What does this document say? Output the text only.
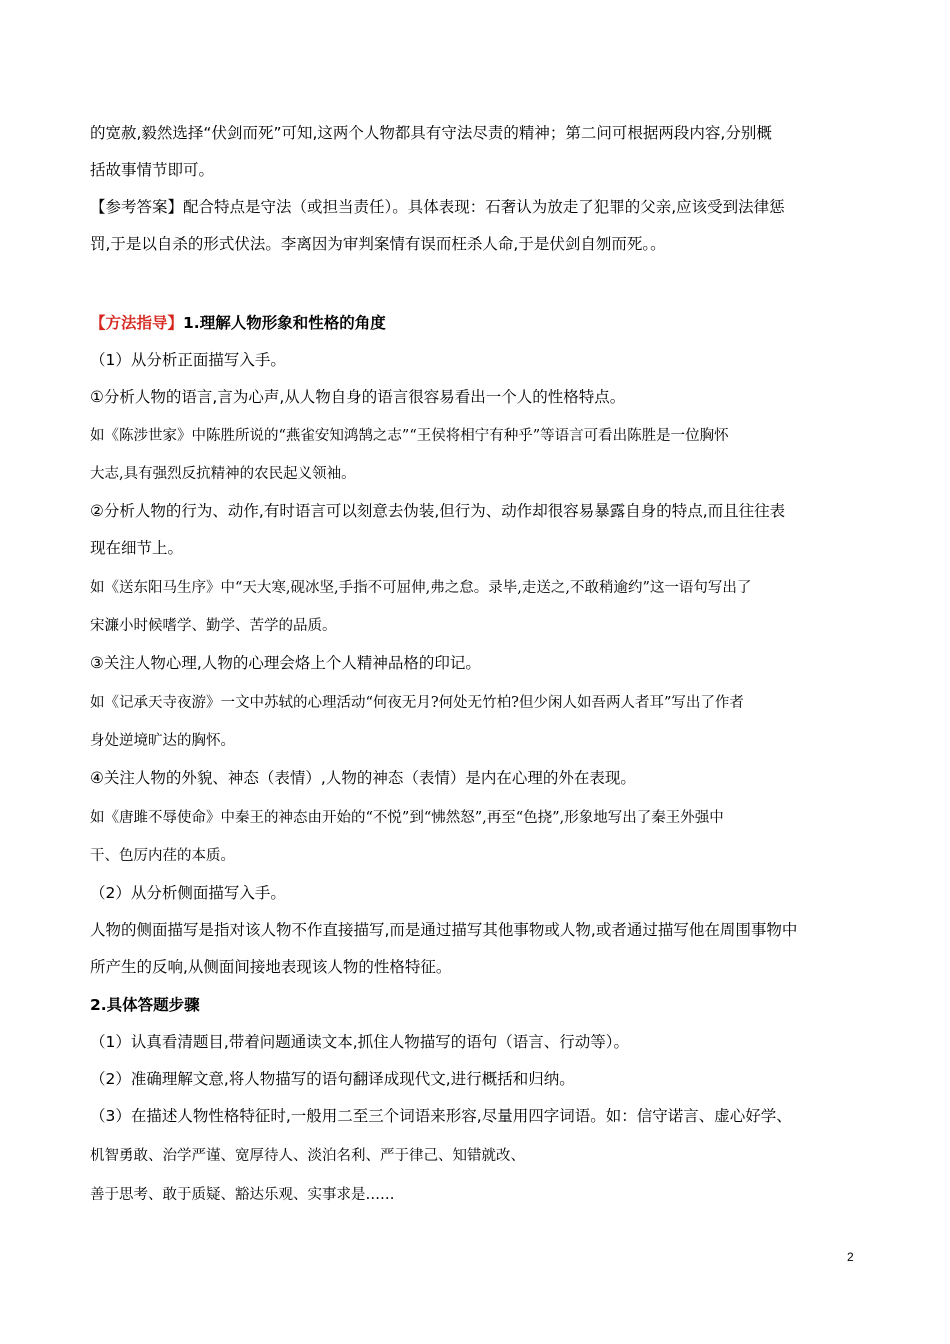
的宽赦,毅然选择“伏剑而死”可知,这两个人物都具有守法尽责的精神；第二问可根据两段内容,分别概
括故事情节即可。
【参考答案】配合特点是守法（或担当责任）。具体表现：石奢认为放走了犯罪的父亲,应该受到法律惩
罚,于是以自杀的形式伏法。李离因为审判案情有误而枉杀人命,于是伏剑自刎而死。。
【方法指导】1.理解人物形象和性格的角度
（1）从分析正面描写入手。
①分析人物的语言,言为心声,从人物自身的语言很容易看出一个人的性格特点。
如《陈涉世家》中陈胜所说的“燕雀安知鸿鹄之志”“王侯将相宁有种乎”等语言可看出陈胜是一位胸怀
大志,具有强烈反抗精神的农民起义领袖。
②分析人物的行为、动作,有时语言可以刻意去伪装,但行为、动作却很容易暴露自身的特点,而且往往表
现在细节上。
如《送东阳马生序》中“天大寒,砚冰坚,手指不可屈伸,弗之怠。录毕,走送之,不敢稍逾约”这一语句写出了
宋濂小时候嗜学、勤学、苦学的品质。
③关注人物心理,人物的心理会烙上个人精神品格的印记。
如《记承天寺夜游》一文中苏轼的心理活动“何夜无月?何处无竹柏?但少闲人如吾两人者耳”写出了作者
身处逆境旷达的胸怀。
④关注人物的外貌、神态（表情）,人物的神态（表情）是内在心理的外在表现。
如《唐雎不辱使命》中秦王的神态由开始的“不悦”到“怫然怒”,再至“色挠”,形象地写出了秦王外强中
干、色厉内荏的本质。
（2）从分析侧面描写入手。
人物的侧面描写是指对该人物不作直接描写,而是通过描写其他事物或人物,或者通过描写他在周围事物中
所产生的反响,从侧面间接地表现该人物的性格特征。
2.具体答题步骤
（1）认真看清题目,带着问题通读文本,抓住人物描写的语句（语言、行动等）。
（2）准确理解文意,将人物描写的语句翻译成现代文,进行概括和归纳。
（3）在描述人物性格特征时,一般用二至三个词语来形容,尽量用四字词语。如：信守诺言、虚心好学、
机智勇敢、治学严谨、宽厚待人、淡泊名利、严于律己、知错就改、
善于思考、敢于质疑、豁达乐观、实事求是……
2
